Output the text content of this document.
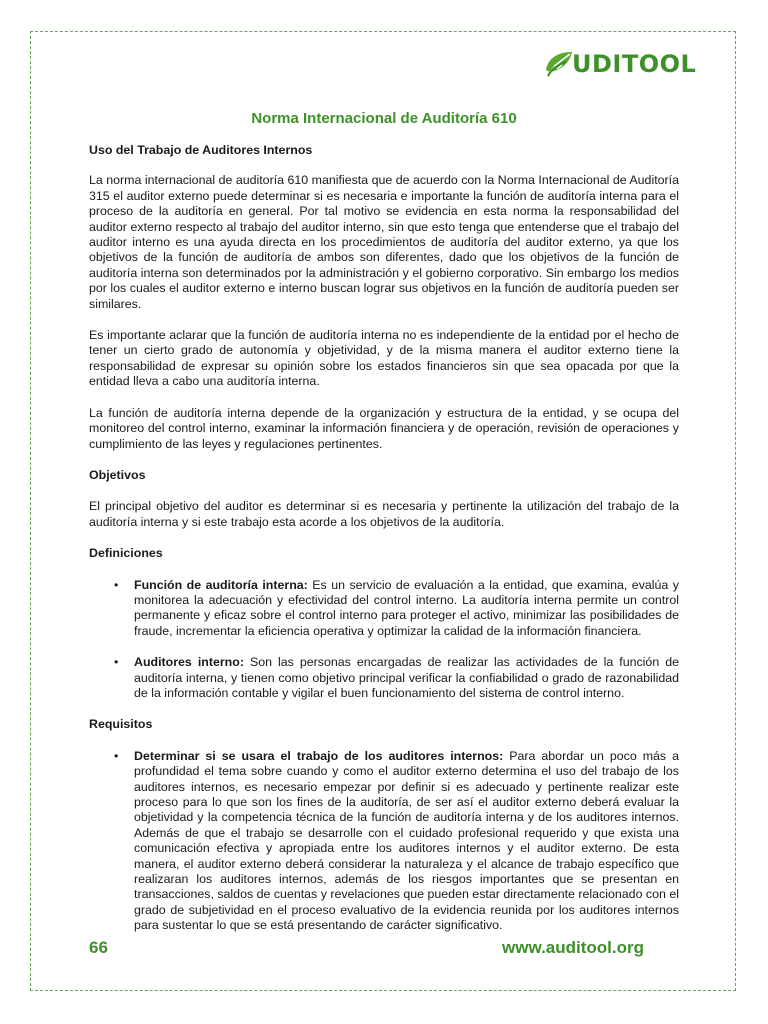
UDITOOL
Norma Internacional de Auditoría 610
Uso del Trabajo de Auditores Internos

La norma internacional de auditoría 610 manifiesta que de acuerdo con la Norma Internacional de Auditoría 315 el auditor externo puede determinar si es necesaria e importante la función de auditoría interna para el proceso de la auditoría en general. Por tal motivo se evidencia en esta norma la responsabilidad del auditor externo respecto al trabajo del auditor interno, sin que esto tenga que entenderse que el trabajo del auditor interno es una ayuda directa en los procedimientos de auditoría del auditor externo, ya que los objetivos de la función de auditoría de ambos son diferentes, dado que los objetivos de la función de auditoría interna son determinados por la administración y el gobierno corporativo. Sin embargo los medios por los cuales el auditor externo e interno buscan lograr sus objetivos en la función de auditoría pueden ser similares.

Es importante aclarar que la función de auditoría interna no es independiente de la entidad por el hecho de tener un cierto grado de autonomía y objetividad, y de la misma manera el auditor externo tiene la responsabilidad de expresar su opinión sobre los estados financieros sin que sea opacada por que la entidad lleva a cabo una auditoría interna.

La función de auditoría interna depende de la organización y estructura de la entidad, y se ocupa del monitoreo del control interno, examinar la información financiera y de operación, revisión de operaciones y cumplimiento de las leyes y regulaciones pertinentes.

Objetivos

El principal objetivo del auditor es determinar si es necesaria y pertinente la utilización del trabajo de la auditoría interna y si este trabajo esta acorde a los objetivos de la auditoría.

Definiciones
• Función de auditoría interna: Es un servicio de evaluación a la entidad, que examina, evalúa y monitorea la adecuación y efectividad del control interno. La auditoría interna permite un control permanente y eficaz sobre el control interno para proteger el activo, minimizar las posibilidades de fraude, incrementar la eficiencia operativa y optimizar la calidad de la información financiera.
• Auditores interno: Son las personas encargadas de realizar las actividades de la función de auditoría interna, y tienen como objetivo principal verificar la confiabilidad o grado de razonabilidad de la información contable y vigilar el buen funcionamiento del sistema de control interno.
Requisitos
• Determinar si se usara el trabajo de los auditores internos: Para abordar un poco más a profundidad el tema sobre cuando y como el auditor externo determina el uso del trabajo de los auditores internos, es necesario empezar por definir si es adecuado y pertinente realizar este proceso para lo que son los fines de la auditoría, de ser así el auditor externo deberá evaluar la objetividad y la competencia técnica de la función de auditoría interna y de los auditores internos. Además de que el trabajo se desarrolle con el cuidado profesional requerido y que exista una comunicación efectiva y apropiada entre los auditores internos y el auditor externo. De esta manera, el auditor externo deberá considerar la naturaleza y el alcance de trabajo específico que realizaran los auditores internos, además de los riesgos importantes que se presentan en transacciones, saldos de cuentas y revelaciones que pueden estar directamente relacionado con el grado de subjetividad en el proceso evaluativo de la evidencia reunida por los auditores internos para sustentar lo que se está presentando de carácter significativo.
66	www.auditool.org
